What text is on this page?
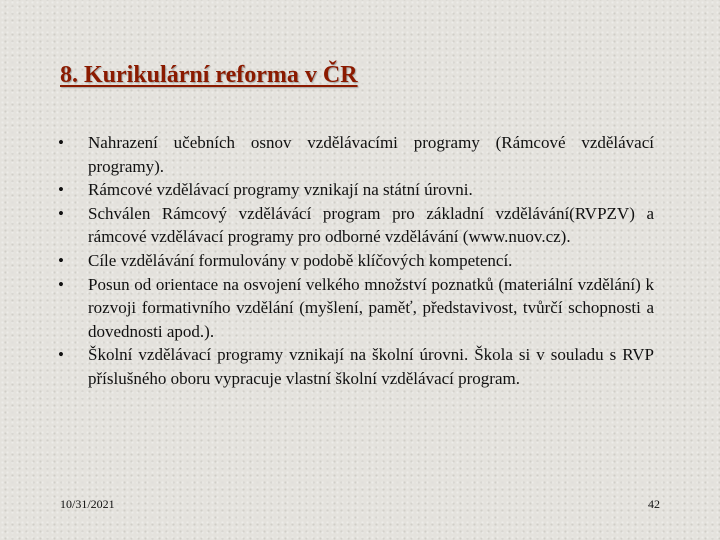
8. Kurikulární reforma v ČR
•	Nahrazení učebních osnov vzdělávacími programy (Rámcové vzdělávací programy).
•	Rámcové vzdělávací programy vznikají na státní úrovni.
•	Schválen Rámcový vzdělávácí program pro základní vzdělávání(RVPZV) a rámcové vzdělávací programy pro odborné vzdělávání (www.nuov.cz).
•	Cíle vzdělávání formulovány v podobě klíčových kompetencí.
•	Posun od orientace na osvojení velkého množství poznatků (materiální vzdělání) k rozvoji formativního vzdělání (myšlení, paměť, představivost, tvůrčí schopnosti a dovednosti apod.).
•	Školní vzdělávací programy vznikají na školní úrovni. Škola si v souladu s RVP příslušného oboru vypracuje vlastní školní vzdělávací program.
10/31/2021	42
